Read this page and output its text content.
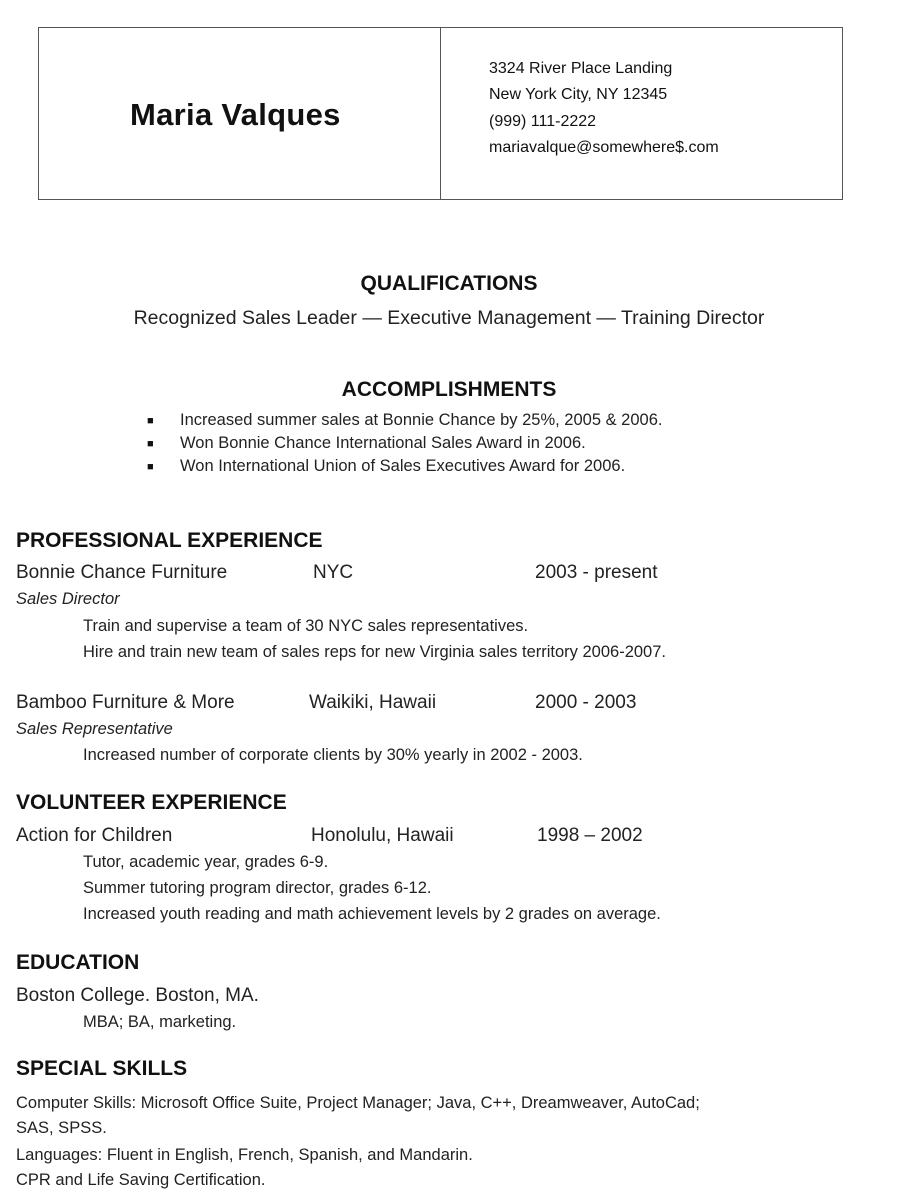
Maria Valques
3324 River Place Landing
New York City, NY 12345
(999) 111-2222
mariavalque@somewhere$.com
QUALIFICATIONS
Recognized Sales Leader — Executive Management — Training Director
ACCOMPLISHMENTS
■ Increased summer sales at Bonnie Chance by 25%, 2005 & 2006.
■ Won Bonnie Chance International Sales Award in 2006.
■ Won International Union of Sales Executives Award for 2006.
PROFESSIONAL EXPERIENCE
Bonnie Chance Furniture	NYC	2003 - present
Sales Director
Train and supervise a team of 30 NYC sales representatives.
Hire and train new team of sales reps for new Virginia sales territory 2006-2007.
Bamboo Furniture & More	Waikiki, Hawaii	2000 - 2003
Sales Representative
Increased number of corporate clients by 30% yearly in 2002 - 2003.
VOLUNTEER EXPERIENCE
Action for Children	Honolulu, Hawaii	1998 – 2002
Tutor, academic year, grades 6-9.
Summer tutoring program director, grades 6-12.
Increased youth reading and math achievement levels by 2 grades on average.
EDUCATION
Boston College. Boston, MA.
MBA; BA, marketing.
SPECIAL SKILLS
Computer Skills: Microsoft Office Suite, Project Manager; Java, C++, Dreamweaver, AutoCad;
SAS, SPSS.
Languages: Fluent in English, French, Spanish, and Mandarin.
CPR and Life Saving Certification.
